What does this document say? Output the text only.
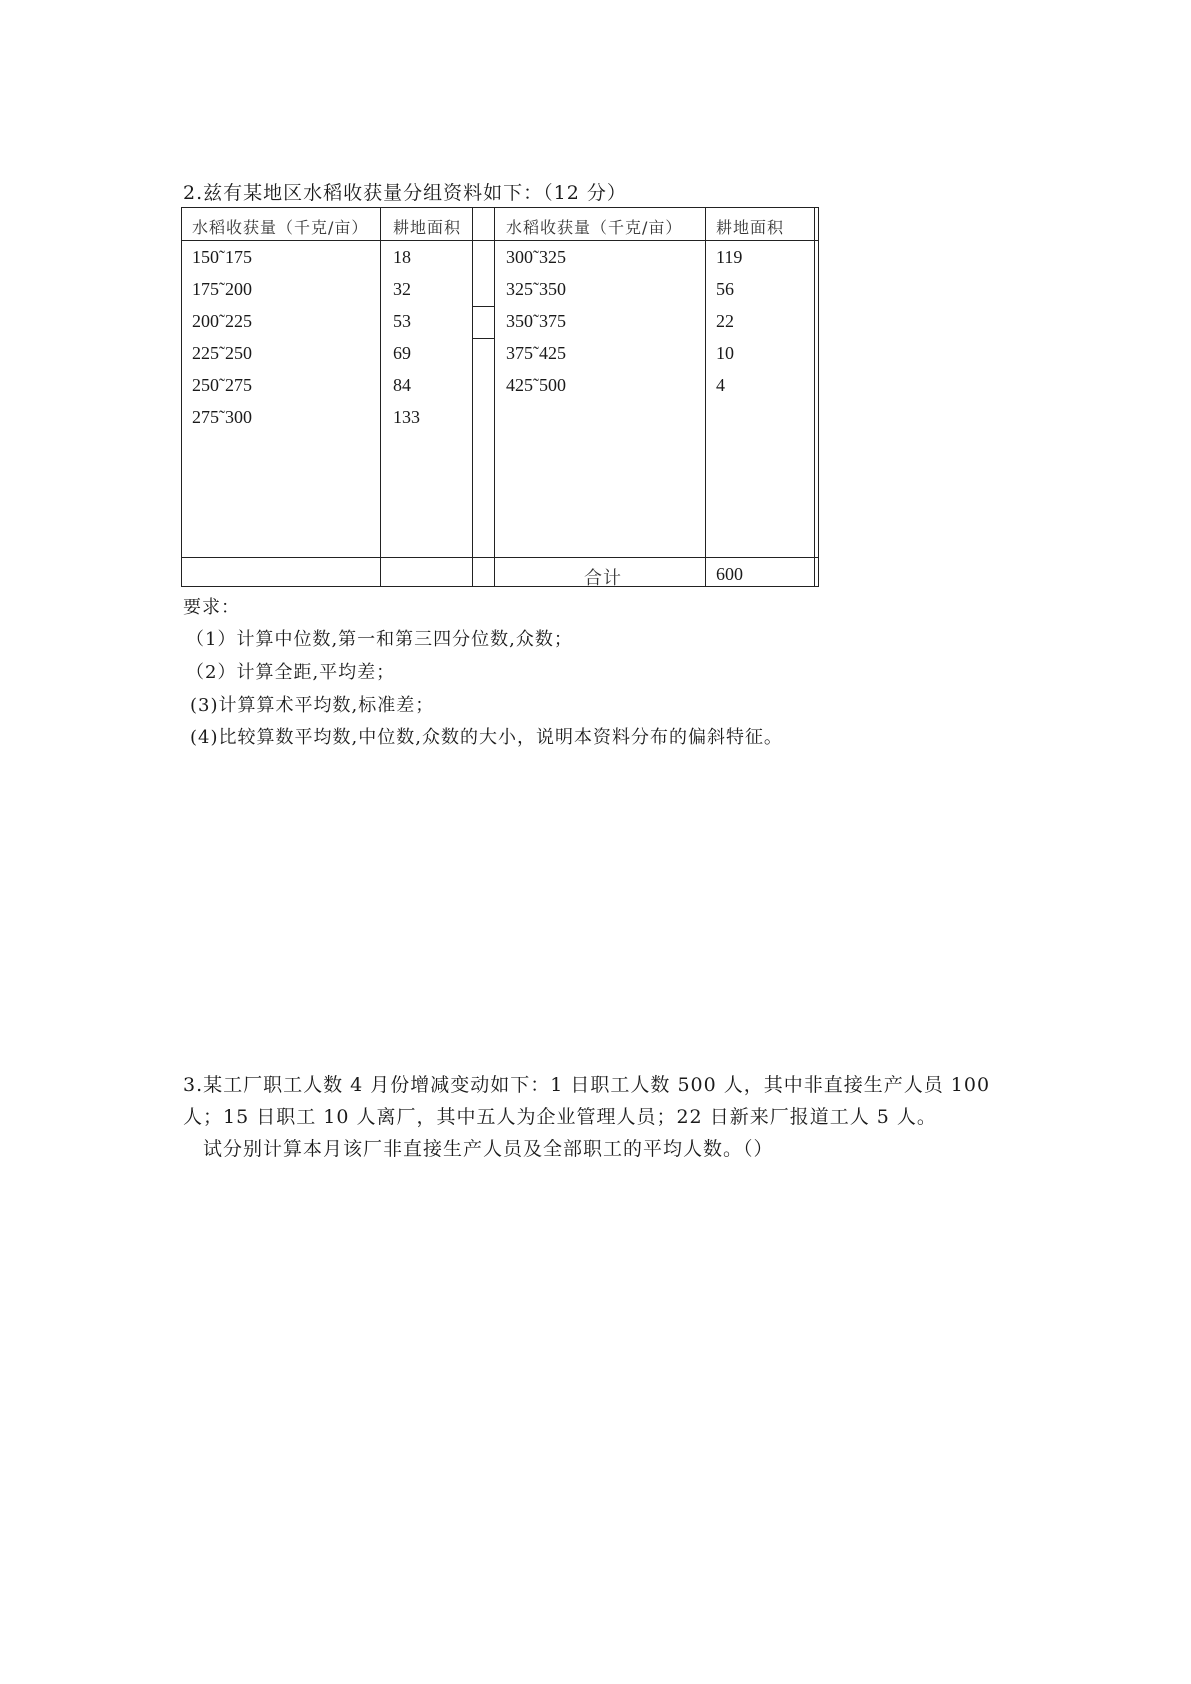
2.兹有某地区水稻收获量分组资料如下：（12 分）
水稻收获量（千克/亩） 耕地面积	水稻收获量（千克/亩） 耕地面积
150˜175	18
175˜200	32
200˜225	53
225˜250	69
250˜275	84
275˜300	133
300˜325	119
325˜350	56
350˜375	22
375˜425	10
425˜500	4
合计	600
要求：
（1）计算中位数,第一和第三四分位数,众数；
（2）计算全距,平均差；
(3)计算算术平均数,标准差；
(4)比较算数平均数,中位数,众数的大小，说明本资料分布的偏斜特征。
3.某工厂职工人数 4 月份增减变动如下：1 日职工人数 500 人，其中非直接生产人员 100
人；15 日职工 10 人离厂，其中五人为企业管理人员；22 日新来厂报道工人 5 人。
试分别计算本月该厂非直接生产人员及全部职工的平均人数。（）
